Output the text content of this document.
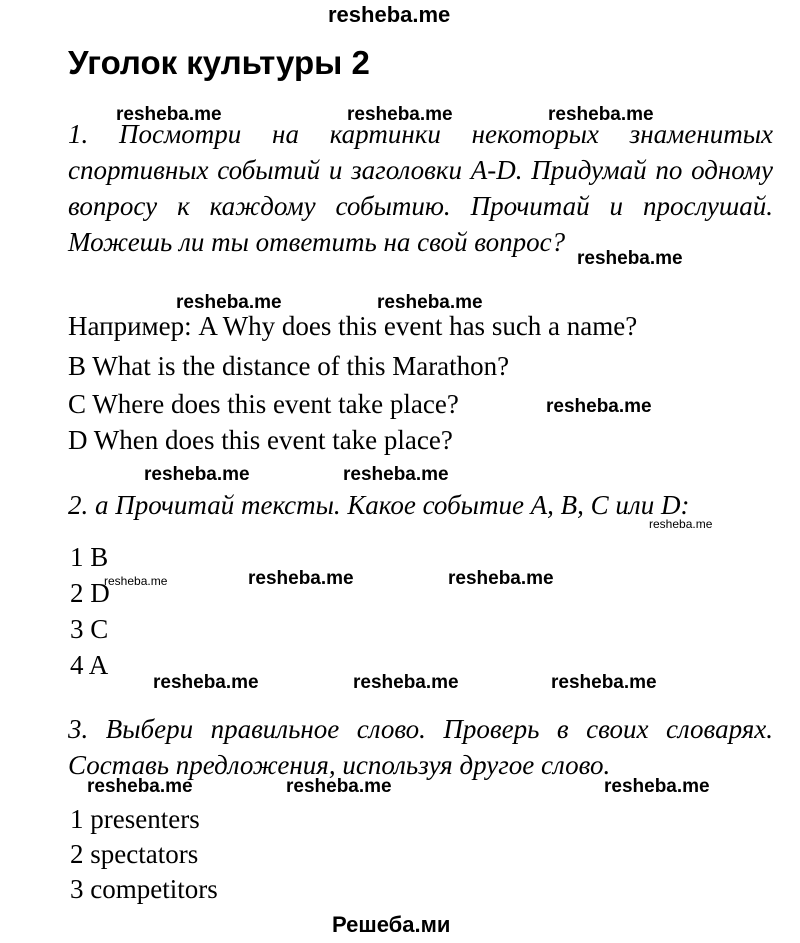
resheba.me
Уголок культуры 2
1. Посмотри на картинки некоторых знаменитых спортивных событий и заголовки A-D. Придумай по одному вопросу к каждому событию. Прочитай и прослушай. Можешь ли ты ответить на свой вопрос?
Например: A Why does this event has such a name?
B What is the distance of this Marathon?
C Where does this event take place?
D When does this event take place?
2. a Прочитай тексты. Какое событие A, B, C или D:
1 B
2 D
3 C
4 A
3. Выбери правильное слово. Проверь в своих словарях. Составь предложения, используя другое слово.
1 presenters
2 spectators
3 competitors
Решеба.ми
resheba.me	resheba.me	resheba.me
resheba.me
resheba.me	resheba.me
resheba.me
resheba.me	resheba.me
resheba.me
resheba.me	resheba.me	resheba.me
resheba.me	resheba.me	resheba.me
resheba.me	resheba.me	resheba.me
